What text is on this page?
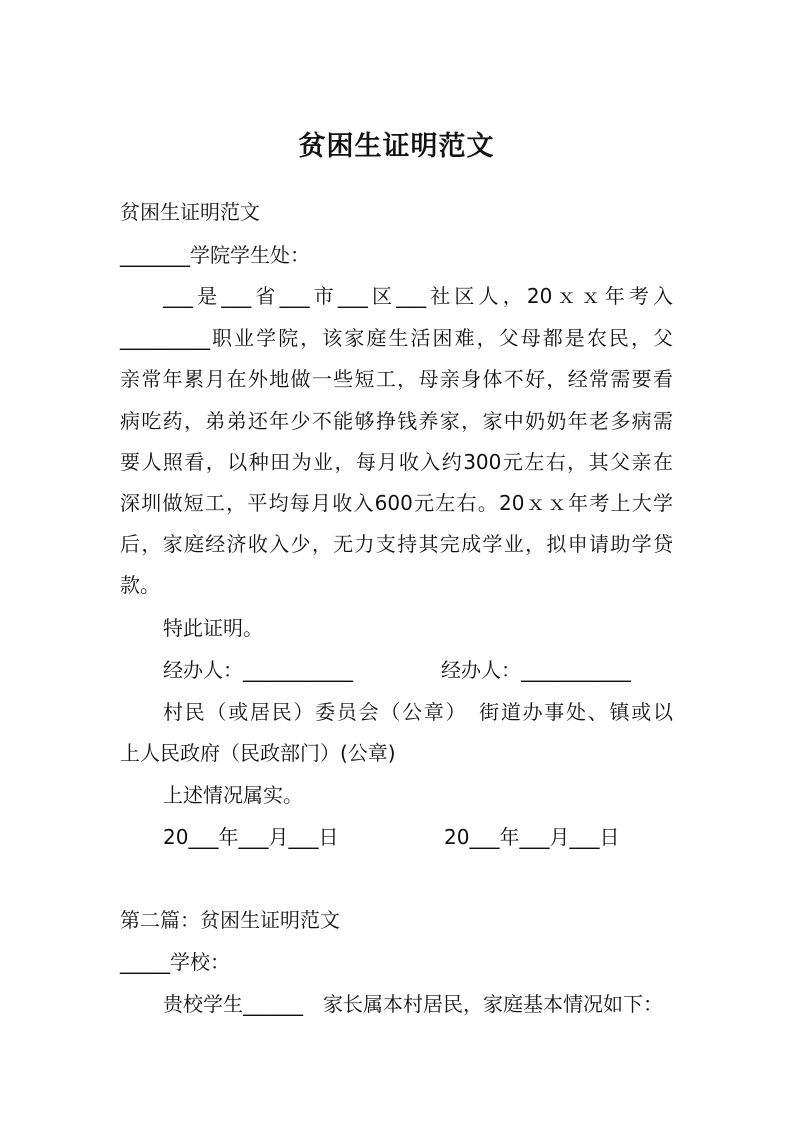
贫困生证明范文
贫困生证明范文
_______学院学生处：
___是___省___市___区___社区人，20ｘｘ年考入
_________职业学院，该家庭生活困难，父母都是农民，父
亲常年累月在外地做一些短工，母亲身体不好，经常需要看
病吃药，弟弟还年少不能够挣钱养家，家中奶奶年老多病需
要人照看，以种田为业，每月收入约300元左右，其父亲在
深圳做短工，平均每月收入600元左右。20ｘｘ年考上大学
后，家庭经济收入少，无力支持其完成学业，拟申请助学贷
款。
特此证明。
经办人：___________	经办人：___________
村民（或居民）委员会（公章）　街道办事处、镇或以
上人民政府（民政部门）(公章)
上述情况属实。
20___年___月___日	20___年___月___日
第二篇：贫困生证明范文
_____学校：
贵校学生______　家长属本村居民，家庭基本情况如下：
